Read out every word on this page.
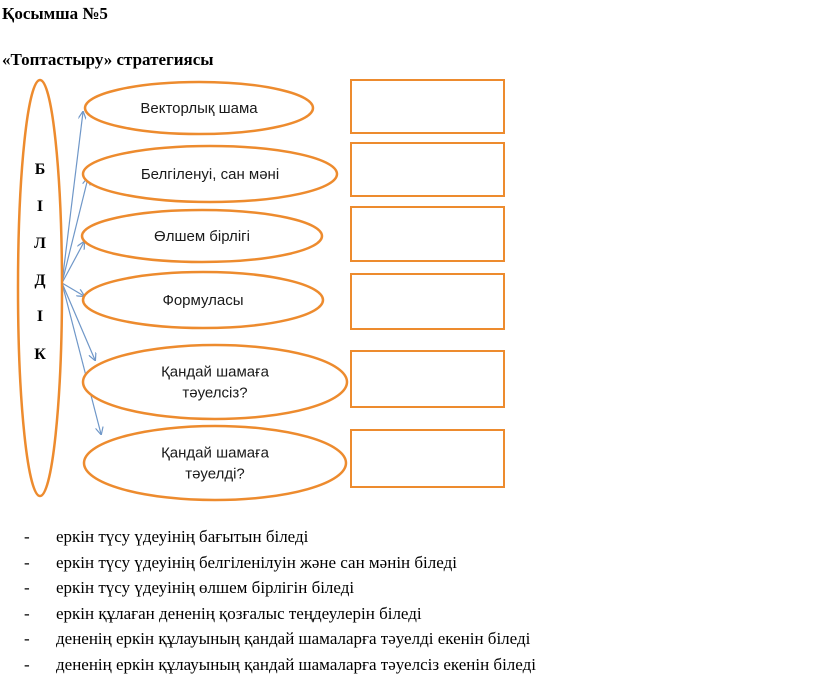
Қосымша №5
«Топтастыру» стратегиясы
Б
І
Л
Д
І
К
Векторлық шама
Белгіленуі, сан мәні
Өлшем бірлігі
Формуласы
Қандай шамаға
тәуелсіз?
Қандай шамаға
тәуелді?
- еркін түсу үдеуінің бағытын біледі
- еркін түсу үдеуінің белгіленілуін және сан мәнін біледі
- еркін түсу үдеуінің өлшем бірлігін біледі
- еркін құлаған дененің қозғалыс теңдеулерін біледі
- дененің еркін құлауының қандай шамаларға тәуелді екенін біледі
- дененің еркін құлауының қандай шамаларға тәуелсіз екенін біледі
